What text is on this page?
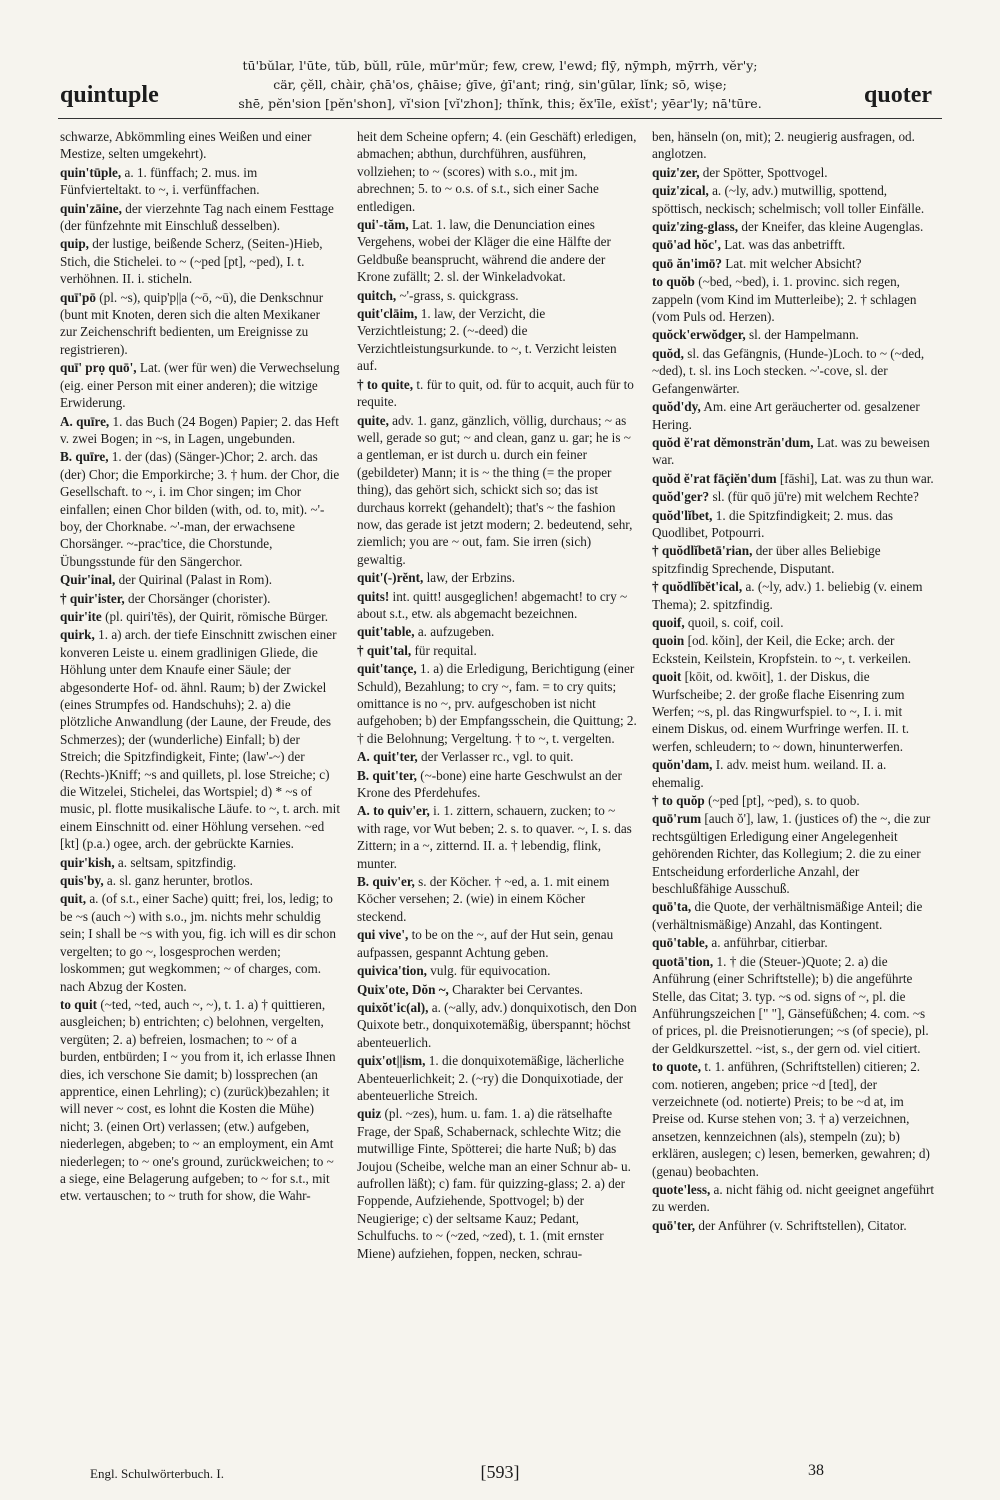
quintuple
tū'bŭlar, l'ūte, tŭb, bŭll, rūle, mūr'mŭr; few, crew, l'ewd; flȳ, nȳmph, mȳrrh, vĕr'y;
cär, çĕll, chàir, çhā'os, çhāise; ġīve, ġī'ant; rinġ, sin'gūlar, lĭnk; sō, wiṣe;
shē, pĕn'sion [pĕn'shon], vĭ'sion [vĭ'zhon]; thĭnk, this; ĕx'īle, eẋĭst'; yēar'ly; nā'tūre.	quoter
schwarze, Abkömmling eines Weißen und einer Mestize, selten umgekehrt).
quin'tūple, a. 1. fünffach; 2. mus. im Fünfvierteltakt. to ~, i. verfünffachen.
quin'zāine, der vierzehnte Tag nach einem Festtage (der fünfzehnte mit Einschluß desselben).
quip, der lustige, beißende Scherz, (Seiten-)Hieb, Stich, die Stichelei. to ~ (~ped [pt], ~ped), I. t. verhöhnen. II. i. sticheln.
quī'pō (pl. ~s), quip'p||a (~ō, ~ū), die Denkschnur (bunt mit Knoten, deren sich die alten Mexikaner zur Zeichenschrift bedienten, um Ereignisse zu registrieren).
quī' prọ quō', Lat. (wer für wen) die Verwechselung (eig. einer Person mit einer anderen); die witzige Erwiderung.
A. quīre, 1. das Buch (24 Bogen) Papier; 2. das Heft v. zwei Bogen; in ~s, in Lagen, ungebunden.
B. quīre, 1. der (das) (Sänger-)Chor; 2. arch. das (der) Chor; die Emporkirche; 3. † hum. der Chor, die Gesellschaft. to ~, i. im Chor singen; im Chor einfallen; einen Chor bilden (with, od. to, mit). ~'-boy, der Chorknabe. ~'-man, der erwachsene Chorsänger. ~-prac'tice, die Chorstunde, Übungsstunde für den Sängerchor.
Quir'inal, der Quirinal (Palast in Rom).
† quir'ister, der Chorsänger (chorister).
quir'ite (pl. quiri'tēs), der Quirit, römische Bürger.
quirk, 1. a) arch. der tiefe Einschnitt zwischen einer konveren Leiste u. einem gradlinigen Gliede, die Höhlung unter dem Knaufe einer Säule; der abgesonderte Hof- od. ähnl. Raum; b) der Zwickel (eines Strumpfes od. Handschuhs); 2. a) die plötzliche Anwandlung (der Laune, der Freude, des Schmerzes); der (wunderliche) Einfall; b) der Streich; die Spitzfindigkeit, Finte; (law'-~) der (Rechts-)Kniff; ~s and quillets, pl. lose Streiche; c) die Witzelei, Stichelei, das Wortspiel; d) * ~s of music, pl. flotte musikalische Läufe. to ~, t. arch. mit einem Einschnitt od. einer Höhlung versehen. ~ed [kt] (p.a.) ogee, arch. der gebrückte Karnies.
quir'kish, a. seltsam, spitzfindig.
quis'by, a. sl. ganz herunter, brotlos.
quit, a. (of s.t., einer Sache) quitt; frei, los, ledig; to be ~s (auch ~) with s.o., jm. nichts mehr schuldig sein; I shall be ~s with you, fig. ich will es dir schon vergelten; to go ~, losgesprochen werden; loskommen; gut wegkommen; ~ of charges, com. nach Abzug der Kosten.
to quit (~ted, ~ted, auch ~, ~), t. 1. a) † quittieren, ausgleichen; b) entrichten; c) belohnen, vergelten, vergüten; 2. a) befreien, losmachen; to ~ of a burden, entbürden; I ~ you from it, ich erlasse Ihnen dies, ich verschone Sie damit; b) lossprechen (an apprentice, einen Lehrling); c) (zurück)bezahlen; it will never ~ cost, es lohnt die Kosten die Mühe) nicht; 3. (einen Ort) verlassen; (etw.) aufgeben, niederlegen, abgeben; to ~ an employment, ein Amt niederlegen; to ~ one's ground, zurückweichen; to ~ a siege, eine Belagerung aufgeben; to ~ for s.t., mit etw. vertauschen; to ~ truth for show, die Wahr-
heit dem Scheine opfern; 4. (ein Geschäft) erledigen, abmachen; abthun, durchführen, ausführen, vollziehen; to ~ (scores) with s.o., mit jm. abrechnen; 5. to ~ o.s. of s.t., sich einer Sache entledigen.
qui'-tăm, Lat. 1. law, die Denunciation eines Vergehens, wobei der Kläger die eine Hälfte der Geldbuße beansprucht, während die andere der Krone zufällt; 2. sl. der Winkeladvokat.
quitch, ~'-grass, s. quickgrass.
quit'clāim, 1. law, der Verzicht, die Verzichtleistung; 2. (~-deed) die Verzichtleistungsurkunde. to ~, t. Verzicht leisten auf.
† to quite, t. für to quit, od. für to acquit, auch für to requite.
quite, adv. 1. ganz, gänzlich, völlig, durchaus; ~ as well, gerade so gut; ~ and clean, ganz u. gar; he is ~ a gentleman, er ist durch u. durch ein feiner (gebildeter) Mann; it is ~ the thing (= the proper thing), das gehört sich, schickt sich so; das ist durchaus korrekt (gehandelt); that's ~ the fashion now, das gerade ist jetzt modern; 2. bedeutend, sehr, ziemlich; you are ~ out, fam. Sie irren (sich) gewaltig.
quit'(-)rĕnt, law, der Erbzins.
quits! int. quitt! ausgeglichen! abgemacht! to cry ~ about s.t., etw. als abgemacht bezeichnen.
quit'table, a. aufzugeben.
† quit'tal, für requital.
quit'tançe, 1. a) die Erledigung, Berichtigung (einer Schuld), Bezahlung; to cry ~, fam. = to cry quits; omittance is no ~, prv. aufgeschoben ist nicht aufgehoben; b) der Empfangsschein, die Quittung; 2. † die Belohnung; Vergeltung. † to ~, t. vergelten.
A. quit'ter, der Verlasser rc., vgl. to quit.
B. quit'ter, (~-bone) eine harte Geschwulst an der Krone des Pferdehufes.
A. to quiv'er, i. 1. zittern, schauern, zucken; to ~ with rage, vor Wut beben; 2. s. to quaver. ~, I. s. das Zittern; in a ~, zitternd. II. a. † lebendig, flink, munter.
B. quiv'er, s. der Köcher. † ~ed, a. 1. mit einem Köcher versehen; 2. (wie) in einem Köcher steckend.
qui vive', to be on the ~, auf der Hut sein, genau aufpassen, gespannt Achtung geben.
quivica'tion, vulg. für equivocation.
Quix'ote, Dŏn ~, Charakter bei Cervantes.
quixŏt'ic(al), a. (~ally, adv.) donquixotisch, den Don Quixote betr., donquixotemäßig, überspannt; höchst abenteuerlich.
quix'ot||ism, 1. die donquixotemäßige, lächerliche Abenteuerlichkeit; 2. (~ry) die Donquixotiade, der abenteuerliche Streich.
quiz (pl. ~zes), hum. u. fam. 1. a) die rätselhafte Frage, der Spaß, Schabernack, schlechte Witz; die mutwillige Finte, Spötterei; die harte Nuß; b) das Joujou (Scheibe, welche man an einer Schnur ab- u. aufrollen läßt); c) fam. für quizzing-glass; 2. a) der Foppende, Aufziehende, Spottvogel; b) der Neugierige; c) der seltsame Kauz; Pedant, Schulfuchs. to ~ (~zed, ~zed), t. 1. (mit ernster Miene) aufziehen, foppen, necken, schrau-
ben, hänseln (on, mit); 2. neugierig ausfragen, od. anglotzen.
quiz'zer, der Spötter, Spottvogel.
quiz'zical, a. (~ly, adv.) mutwillig, spottend, spöttisch, neckisch; schelmisch; voll toller Einfälle.
quiz'zing-glass, der Kneifer, das kleine Augenglas.
quō'ad hŏc', Lat. was das anbetrifft.
quō ăn'imō? Lat. mit welcher Absicht?
to quŏb (~bed, ~bed), i. 1. provinc. sich regen, zappeln (vom Kind im Mutterleibe); 2. † schlagen (vom Puls od. Herzen).
quŏck'erwŏdger, sl. der Hampelmann.
quŏd, sl. das Gefängnis, (Hunde-)Loch. to ~ (~ded, ~ded), t. sl. ins Loch stecken. ~'-cove, sl. der Gefangenwärter.
quŏd'dy, Am. eine Art geräucherter od. gesalzener Hering.
quŏd ĕ'rat dĕmonstrăn'dum, Lat. was zu beweisen war.
quŏd ĕ'rat fāçiĕn'dum [fāshi], Lat. was zu thun war.
quŏd'ger? sl. (für quō jū're) mit welchem Rechte?
quŏd'lĭbet, 1. die Spitzfindigkeit; 2. mus. das Quodlibet, Potpourri.
† quŏdlĭbetā'rian, der über alles Beliebige spitzfindig Sprechende, Disputant.
† quŏdlĭbĕt'ical, a. (~ly, adv.) 1. beliebig (v. einem Thema); 2. spitzfindig.
quoif, quoil, s. coif, coil.
quoin [od. kŏin], der Keil, die Ecke; arch. der Eckstein, Keilstein, Kropfstein. to ~, t. verkeilen.
quoit [kōit, od. kwōit], 1. der Diskus, die Wurfscheibe; 2. der große flache Eisenring zum Werfen; ~s, pl. das Ringwurfspiel. to ~, I. i. mit einem Diskus, od. einem Wurfringe werfen. II. t. werfen, schleudern; to ~ down, hinunterwerfen.
quŏn'dam, I. adv. meist hum. weiland. II. a. ehemalig.
† to quŏp (~ped [pt], ~ped), s. to quob.
quō'rum [auch ŏ'], law, 1. (justices of) the ~, die zur rechtsgültigen Erledigung einer Angelegenheit gehörenden Richter, das Kollegium; 2. die zu einer Entscheidung erforderliche Anzahl, der beschlußfähige Ausschuß.
quō'ta, die Quote, der verhältnismäßige Anteil; die (verhältnismäßige) Anzahl, das Kontingent.
quō'table, a. anführbar, citierbar.
quotā'tion, 1. † die (Steuer-)Quote; 2. a) die Anführung (einer Schriftstelle); b) die angeführte Stelle, das Citat; 3. typ. ~s od. signs of ~, pl. die Anführungszeichen [" "], Gänsefüßchen; 4. com. ~s of prices, pl. die Preisnotierungen; ~s (of specie), pl. der Geldkurszettel. ~ist, s., der gern od. viel citiert.
to quote, t. 1. anführen, (Schriftstellen) citieren; 2. com. notieren, angeben; price ~d [ted], der verzeichnete (od. notierte) Preis; to be ~d at, im Preise od. Kurse stehen von; 3. † a) verzeichnen, ansetzen, kennzeichnen (als), stempeln (zu); b) erklären, auslegen; c) lesen, bemerken, gewahren; d) (genau) beobachten.
quote'less, a. nicht fähig od. nicht geeignet angeführt zu werden.
quō'ter, der Anführer (v. Schriftstellen), Citator.
Engl. Schulwörterbuch. I.	[593]	38
